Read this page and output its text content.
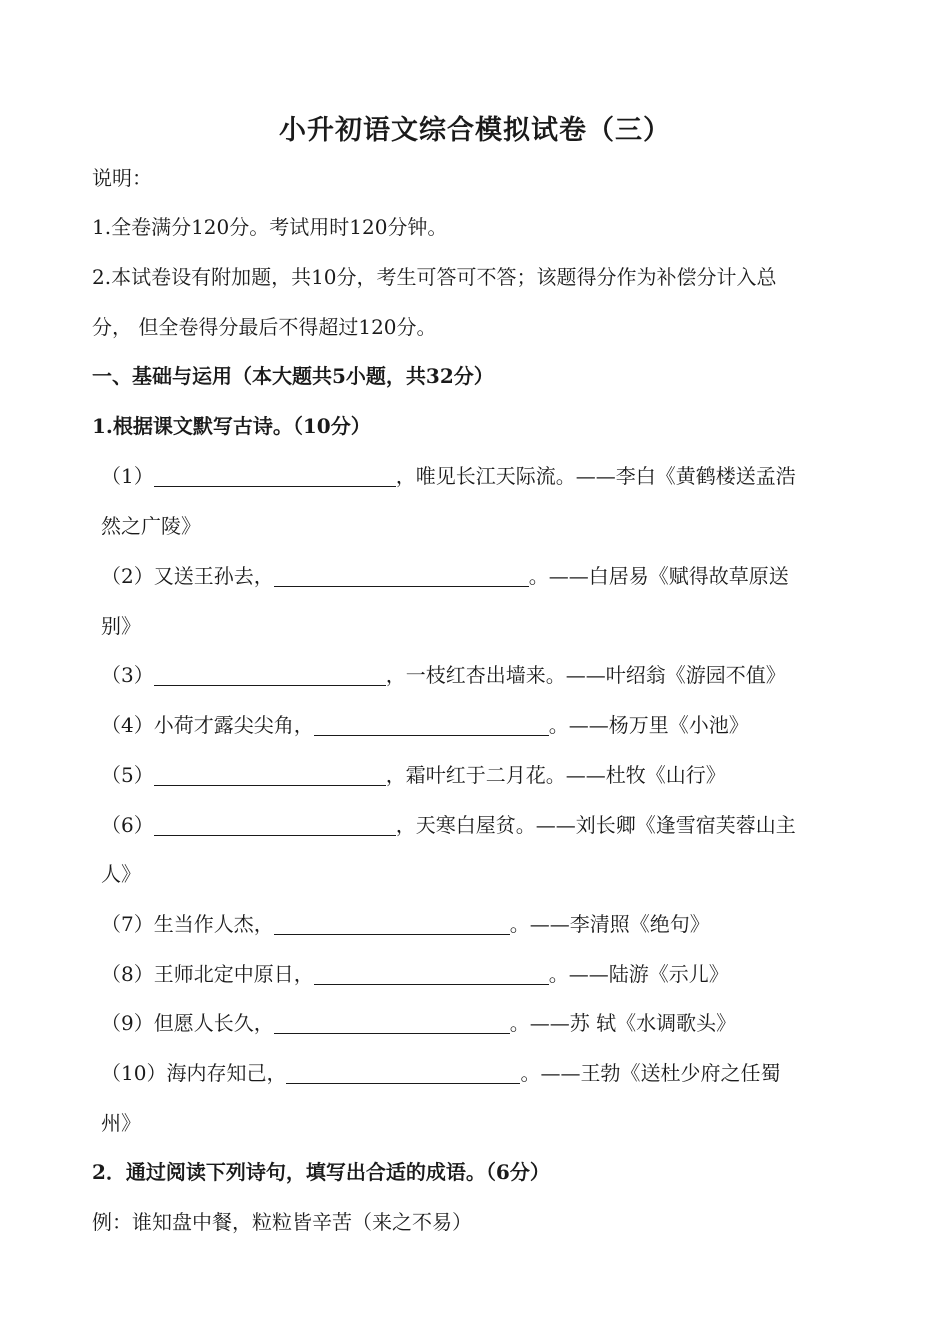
小升初语文综合模拟试卷（三）
说明：
1.全卷满分120分。考试用时120分钟。
2.本试卷设有附加题，共10分，考生可答可不答；该题得分作为补偿分计入总
分， 但全卷得分最后不得超过120分。
一、基础与运用（本大题共5小题，共32分）
1.根据课文默写古诗。（10分）
（1）	，唯见长江天际流。——李白《黄鹤楼送孟浩
然之广陵》
（2）又送王孙去，	。——白居易《赋得故草原送
别》
（3）	，一枝红杏出墙来。——叶绍翁《游园不值》
（4）小荷才露尖尖角，	。——杨万里《小池》
（5）	，霜叶红于二月花。——杜牧《山行》
（6）	，天寒白屋贫。——刘长卿《逢雪宿芙蓉山主
人》
（7）生当作人杰，	。——李清照《绝句》
（8）王师北定中原日，	。——陆游《示儿》
（9）但愿人长久，	。——苏 轼《水调歌头》
（10）海内存知己，	。——王勃《送杜少府之任蜀
州》
2．通过阅读下列诗句，填写出合适的成语。（6分）
例：谁知盘中餐，粒粒皆辛苦（来之不易）
